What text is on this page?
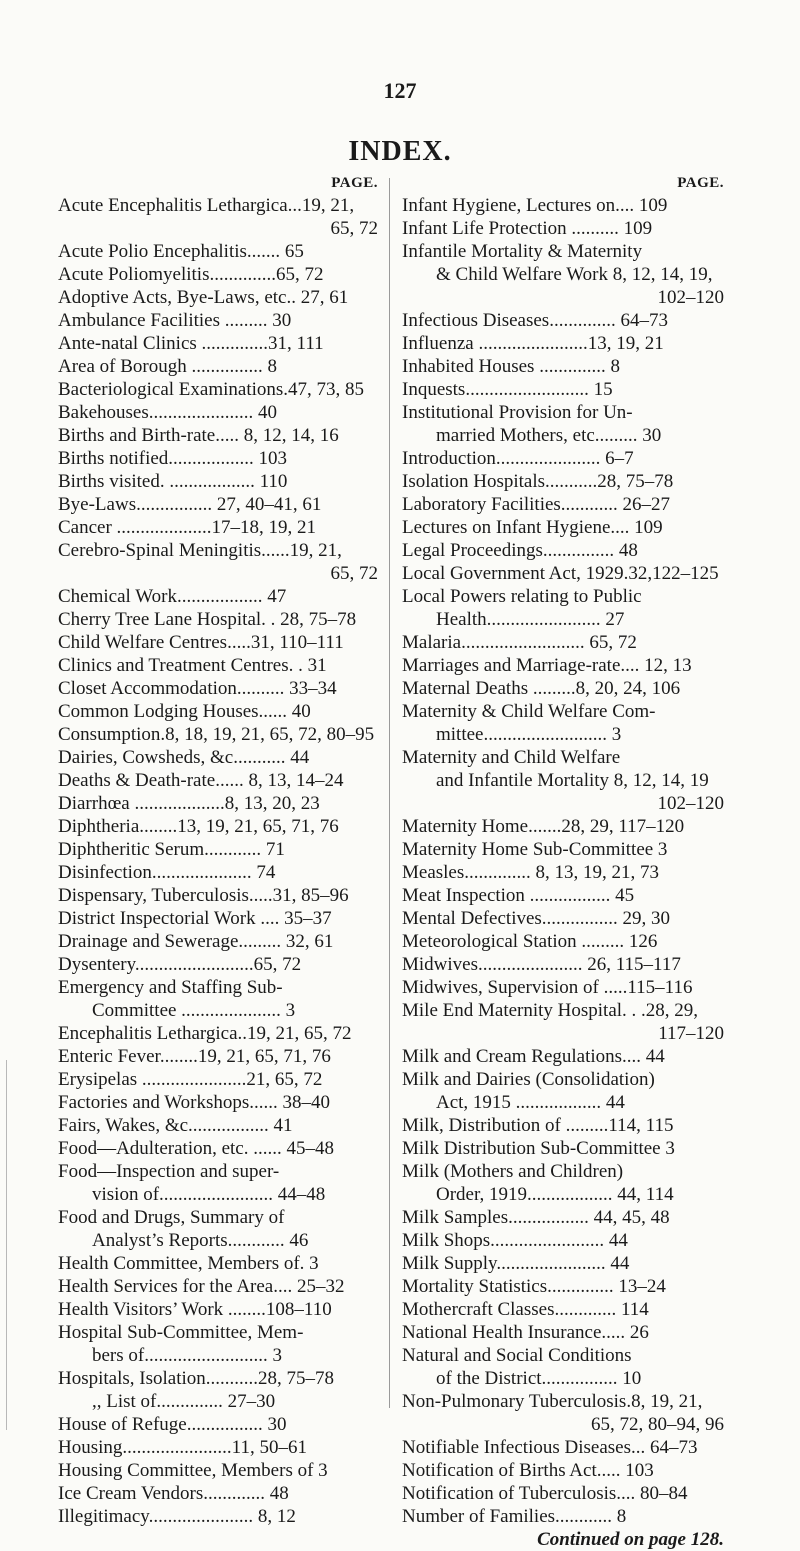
127
INDEX.
PAGE.
Acute Encephalitis Lethargica...19, 21,
65, 72
Acute Polio Encephalitis....... 65
Acute Poliomyelitis..............65, 72
Adoptive Acts, Bye-Laws, etc.. 27, 61
Ambulance Facilities ......... 30
Ante-natal Clinics ..............31, 111
Area of Borough ............... 8
Bacteriological Examinations.47, 73, 85
Bakehouses...................... 40
Births and Birth-rate..... 8, 12, 14, 16
Births notified.................. 103
Births visited. .................. 110
Bye-Laws................ 27, 40–41, 61
Cancer ....................17–18, 19, 21
Cerebro-Spinal Meningitis......19, 21,
65, 72
Chemical Work.................. 47
Cherry Tree Lane Hospital. . 28, 75–78
Child Welfare Centres.....31, 110–111
Clinics and Treatment Centres. . 31
Closet Accommodation.......... 33–34
Common Lodging Houses...... 40
Consumption.8, 18, 19, 21, 65, 72, 80–95
Dairies, Cowsheds, &c........... 44
Deaths & Death-rate...... 8, 13, 14–24
Diarrhœa ...................8, 13, 20, 23
Diphtheria........13, 19, 21, 65, 71, 76
Diphtheritic Serum............ 71
Disinfection..................... 74
Dispensary, Tuberculosis.....31, 85–96
District Inspectorial Work .... 35–37
Drainage and Sewerage......... 32, 61
Dysentery.........................65, 72
Emergency and Staffing Sub-
Committee ..................... 3
Encephalitis Lethargica..19, 21, 65, 72
Enteric Fever........19, 21, 65, 71, 76
Erysipelas ......................21, 65, 72
Factories and Workshops...... 38–40
Fairs, Wakes, &c................. 41
Food—Adulteration, etc. ...... 45–48
Food—Inspection and super-
vision of........................ 44–48
Food and Drugs, Summary of
Analyst’s Reports............ 46
Health Committee, Members of. 3
Health Services for the Area.... 25–32
Health Visitors’ Work ........108–110
Hospital Sub-Committee, Mem-
bers of.......................... 3
Hospitals, Isolation...........28, 75–78
,, List of.............. 27–30
House of Refuge................ 30
Housing.......................11, 50–61
Housing Committee, Members of 3
Ice Cream Vendors............. 48
Illegitimacy...................... 8, 12
PAGE.
Infant Hygiene, Lectures on.... 109
Infant Life Protection .......... 109
Infantile Mortality & Maternity
& Child Welfare Work 8, 12, 14, 19,
102–120
Infectious Diseases.............. 64–73
Influenza .......................13, 19, 21
Inhabited Houses .............. 8
Inquests.......................... 15
Institutional Provision for Un-
married Mothers, etc......... 30
Introduction...................... 6–7
Isolation Hospitals...........28, 75–78
Laboratory Facilities............ 26–27
Lectures on Infant Hygiene.... 109
Legal Proceedings............... 48
Local Government Act, 1929.32,122–125
Local Powers relating to Public
Health........................ 27
Malaria.......................... 65, 72
Marriages and Marriage-rate.... 12, 13
Maternal Deaths .........8, 20, 24, 106
Maternity & Child Welfare Com-
mittee.......................... 3
Maternity and Child Welfare
and Infantile Mortality 8, 12, 14, 19
102–120
Maternity Home.......28, 29, 117–120
Maternity Home Sub-Committee 3
Measles.............. 8, 13, 19, 21, 73
Meat Inspection ................. 45
Mental Defectives................ 29, 30
Meteorological Station ......... 126
Midwives...................... 26, 115–117
Midwives, Supervision of .....115–116
Mile End Maternity Hospital. . .28, 29,
117–120
Milk and Cream Regulations.... 44
Milk and Dairies (Consolidation)
Act, 1915 .................. 44
Milk, Distribution of .........114, 115
Milk Distribution Sub-Committee 3
Milk (Mothers and Children)
Order, 1919.................. 44, 114
Milk Samples................. 44, 45, 48
Milk Shops........................ 44
Milk Supply....................... 44
Mortality Statistics.............. 13–24
Mothercraft Classes............. 114
National Health Insurance..... 26
Natural and Social Conditions
of the District................ 10
Non-Pulmonary Tuberculosis.8, 19, 21,
65, 72, 80–94, 96
Notifiable Infectious Diseases... 64–73
Notification of Births Act..... 103
Notification of Tuberculosis.... 80–84
Number of Families............ 8
Continued on page 128.
